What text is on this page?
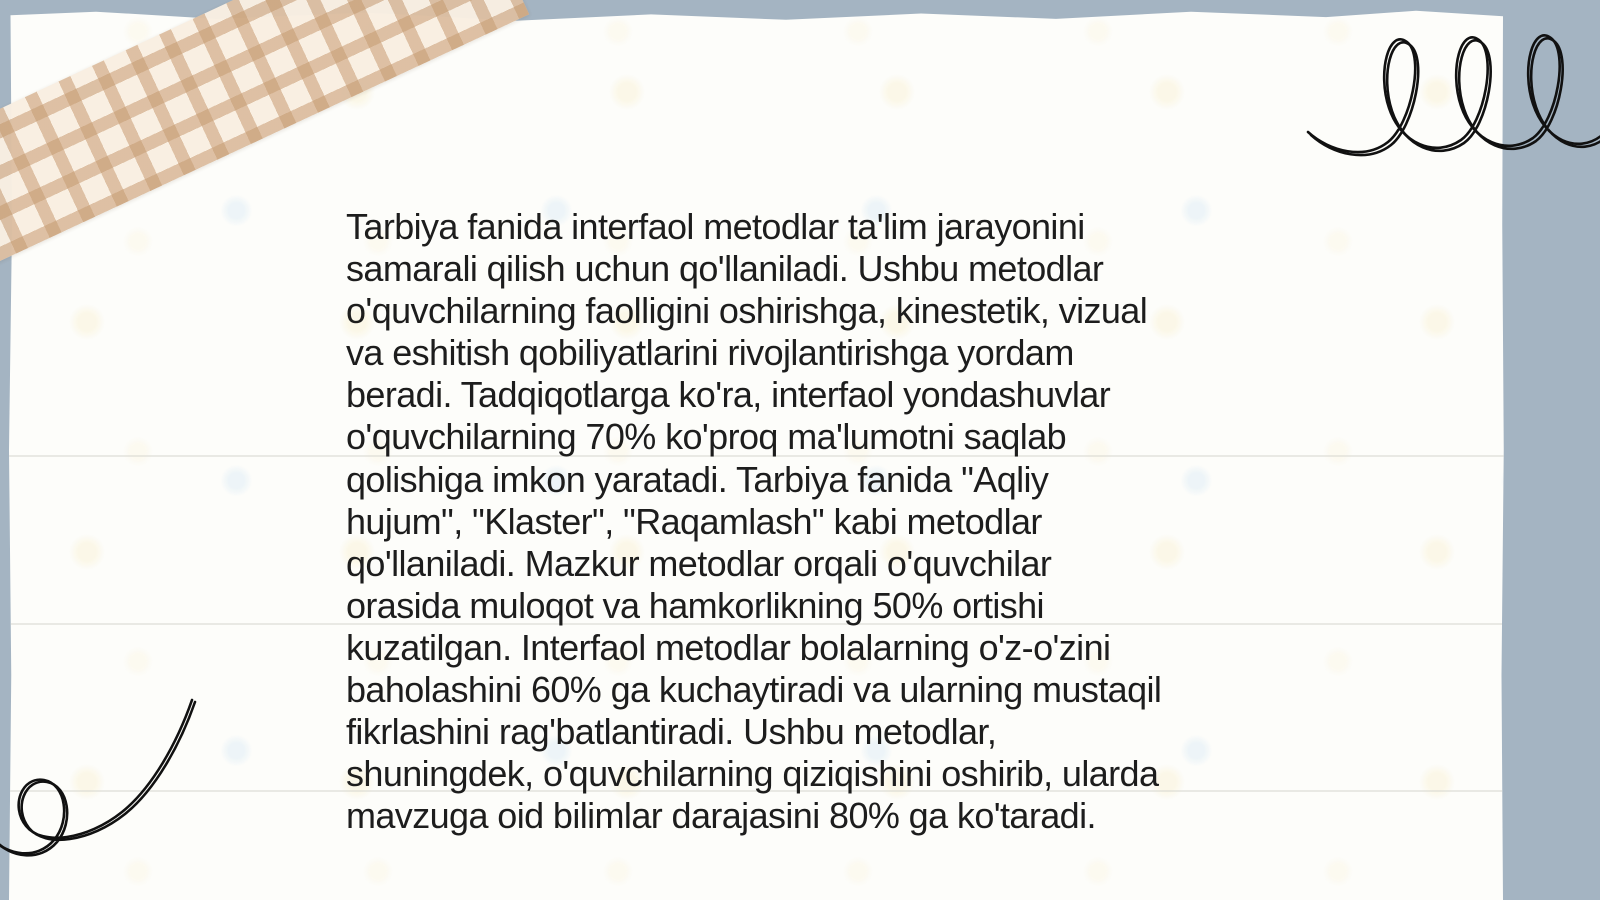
Tarbiya fanida interfaol metodlar ta'lim jarayonini
samarali qilish uchun qo'llaniladi. Ushbu metodlar
o'quvchilarning faolligini oshirishga, kinestetik, vizual
va eshitish qobiliyatlarini rivojlantirishga yordam
beradi. Tadqiqotlarga ko'ra, interfaol yondashuvlar
o'quvchilarning 70% ko'proq ma'lumotni saqlab
qolishiga imkon yaratadi. Tarbiya fanida "Aqliy
hujum", "Klaster", "Raqamlash" kabi metodlar
qo'llaniladi. Mazkur metodlar orqali o'quvchilar
orasida muloqot va hamkorlikning 50% ortishi
kuzatilgan. Interfaol metodlar bolalarning o'z-o'zini
baholashini 60% ga kuchaytiradi va ularning mustaqil
fikrlashini rag'batlantiradi. Ushbu metodlar,
shuningdek, o'quvchilarning qiziqishini oshirib, ularda
mavzuga oid bilimlar darajasini 80% ga ko'taradi.
